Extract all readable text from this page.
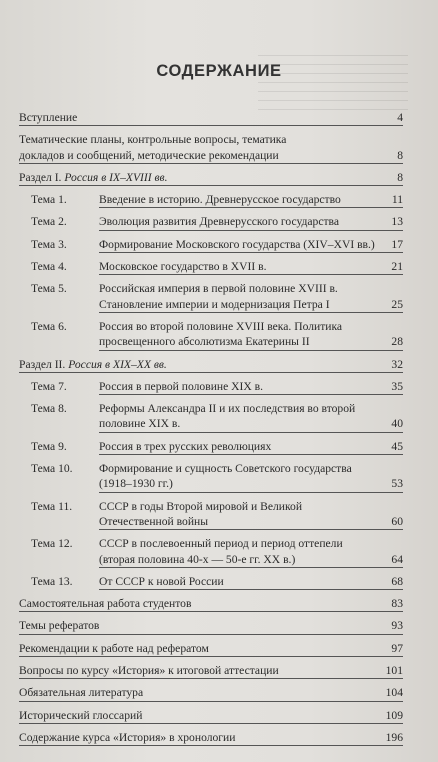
СОДЕРЖАНИЕ
Вступление	4
Тематические планы, контрольные вопросы, тематика
докладов и сообщений, методические рекомендации	8
Раздел I. Россия в IX–XVIII вв.	8
Тема 1.	Введение в историю. Древнерусское государство	11
Тема 2.	Эволюция развития Древнерусского государства	13
Тема 3.	Формирование Московского государства (XIV–XVI вв.) 17
Тема 4.	Московское государство в XVII в.	21
Тема 5.	Российская империя в первой половине XVIII в.
Становление империи и модернизация Петра I	25
Тема 6.	Россия во второй половине XVIII века. Политика
просвещенного абсолютизма Екатерины II	28
Раздел II. Россия в XIX–XX вв.	32
Тема 7.	Россия в первой половине XIX в.	35
Тема 8.	Реформы Александра II и их последствия во второй
половине XIX в.	40
Тема 9.	Россия в трех русских революциях	45
Тема 10.	Формирование и сущность Советского государства
(1918–1930 гг.)	53
Тема 11.	СССР в годы Второй мировой и Великой
Отечественной войны	60
Тема 12.	СССР в послевоенный период и период оттепели
(вторая половина 40-х — 50-е гг. XX в.)	64
Тема 13.	От СССР к новой России	68
Самостоятельная работа студентов	83
Темы рефератов	93
Рекомендации к работе над рефератом	97
Вопросы по курсу «История» к итоговой аттестации	101
Обязательная литература	104
Исторический глоссарий	109
Содержание курса «История» в хронологии	196
